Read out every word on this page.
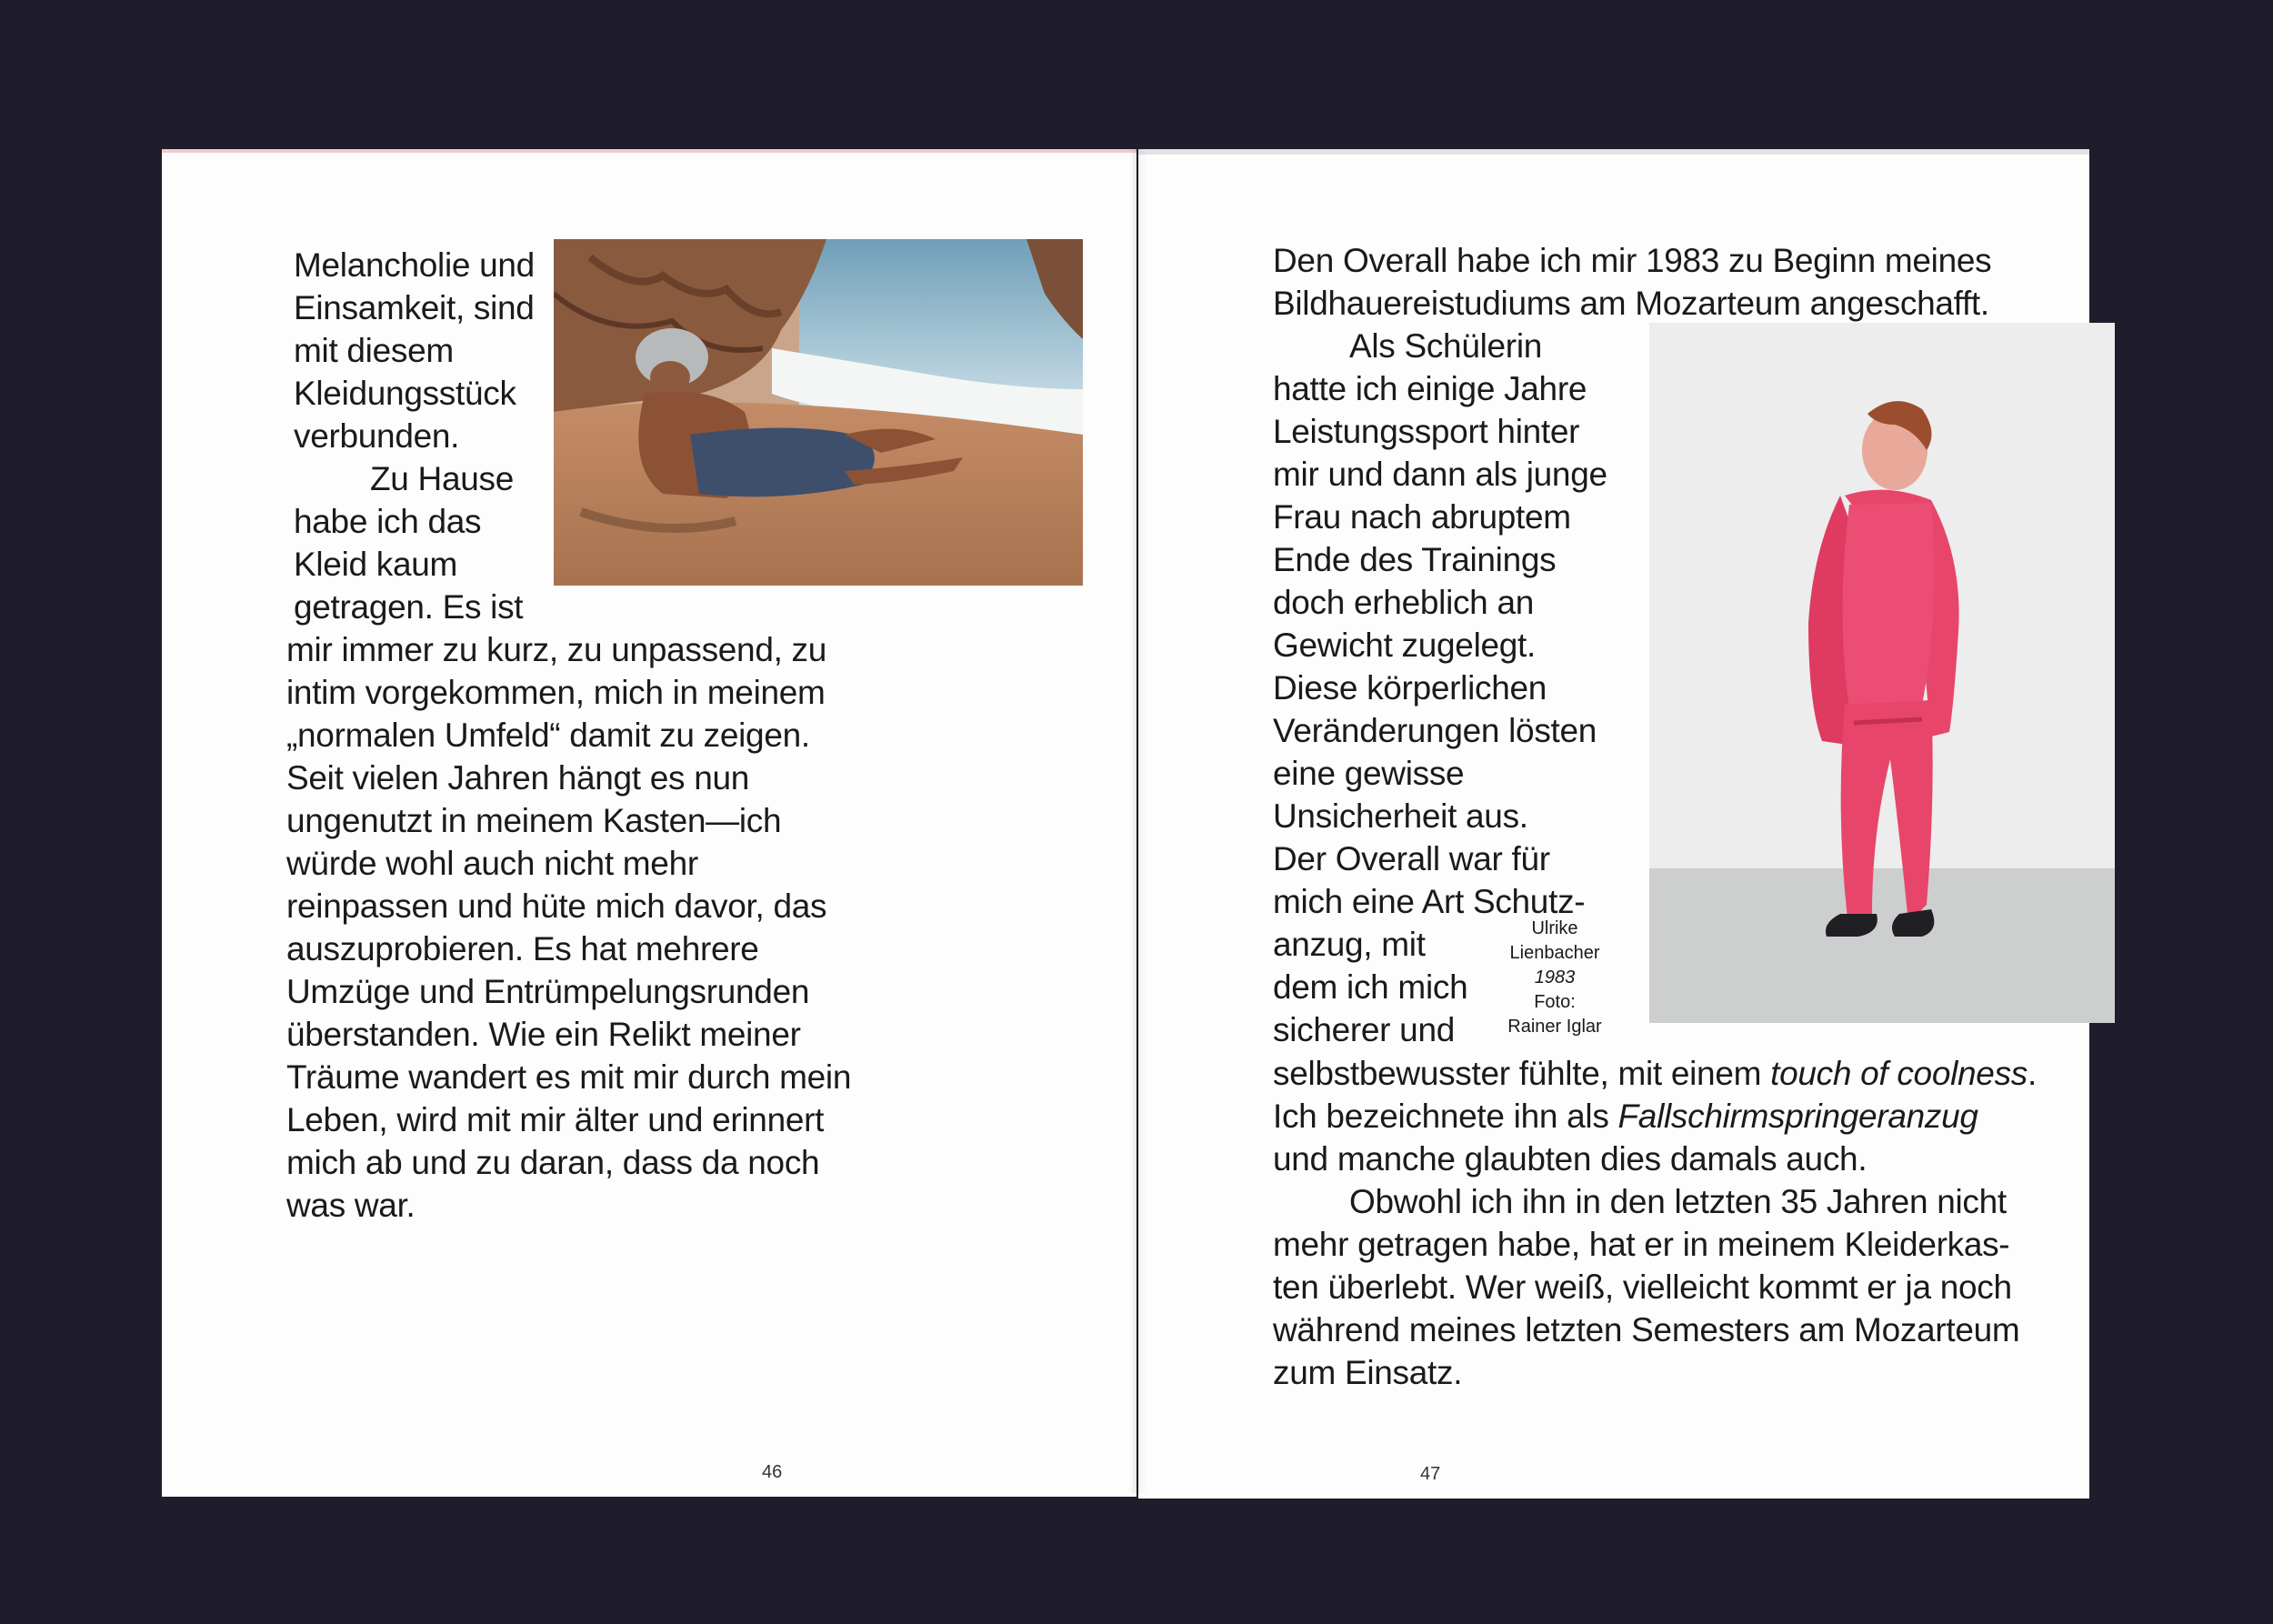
Melancholie und
Einsamkeit, sind
mit diesem
Kleidungsstück
verbunden.
Zu Hause
habe ich das
Kleid kaum
getragen. Es ist
mir immer zu kurz, zu unpassend, zu
intim vorgekommen, mich in meinem
„normalen Umfeld“ damit zu zeigen.
Seit vielen Jahren hängt es nun
ungenutzt in meinem Kasten—ich
würde wohl auch nicht mehr
reinpassen und hüte mich davor, das
auszuprobieren. Es hat mehrere
Umzüge und Entrümpelungsrunden
überstanden. Wie ein Relikt meiner
Träume wandert es mit mir durch mein
Leben, wird mit mir älter und erinnert
mich ab und zu daran, dass da noch
was war.
46
Den Overall habe ich mir 1983 zu Beginn meines
Bildhauereistudiums am Mozarteum angeschafft.
Als Schülerin
hatte ich einige Jahre
Leistungssport hinter
mir und dann als junge
Frau nach abruptem
Ende des Trainings
doch erheblich an
Gewicht zugelegt.
Diese körperlichen
Veränderungen lösten
eine gewisse
Unsicherheit aus.
Der Overall war für
mich eine Art Schutz-
anzug, mit
dem ich mich
sicherer und
Ulrike
Lienbacher
1983
Foto:
Rainer Iglar
selbstbewusster fühlte, mit einem touch of coolness.
Ich bezeichnete ihn als Fallschirmspringeranzug
und manche glaubten dies damals auch.
Obwohl ich ihn in den letzten 35 Jahren nicht
mehr getragen habe, hat er in meinem Kleiderkas-
ten überlebt. Wer weiß, vielleicht kommt er ja noch
während meines letzten Semesters am Mozarteum
zum Einsatz.
47
